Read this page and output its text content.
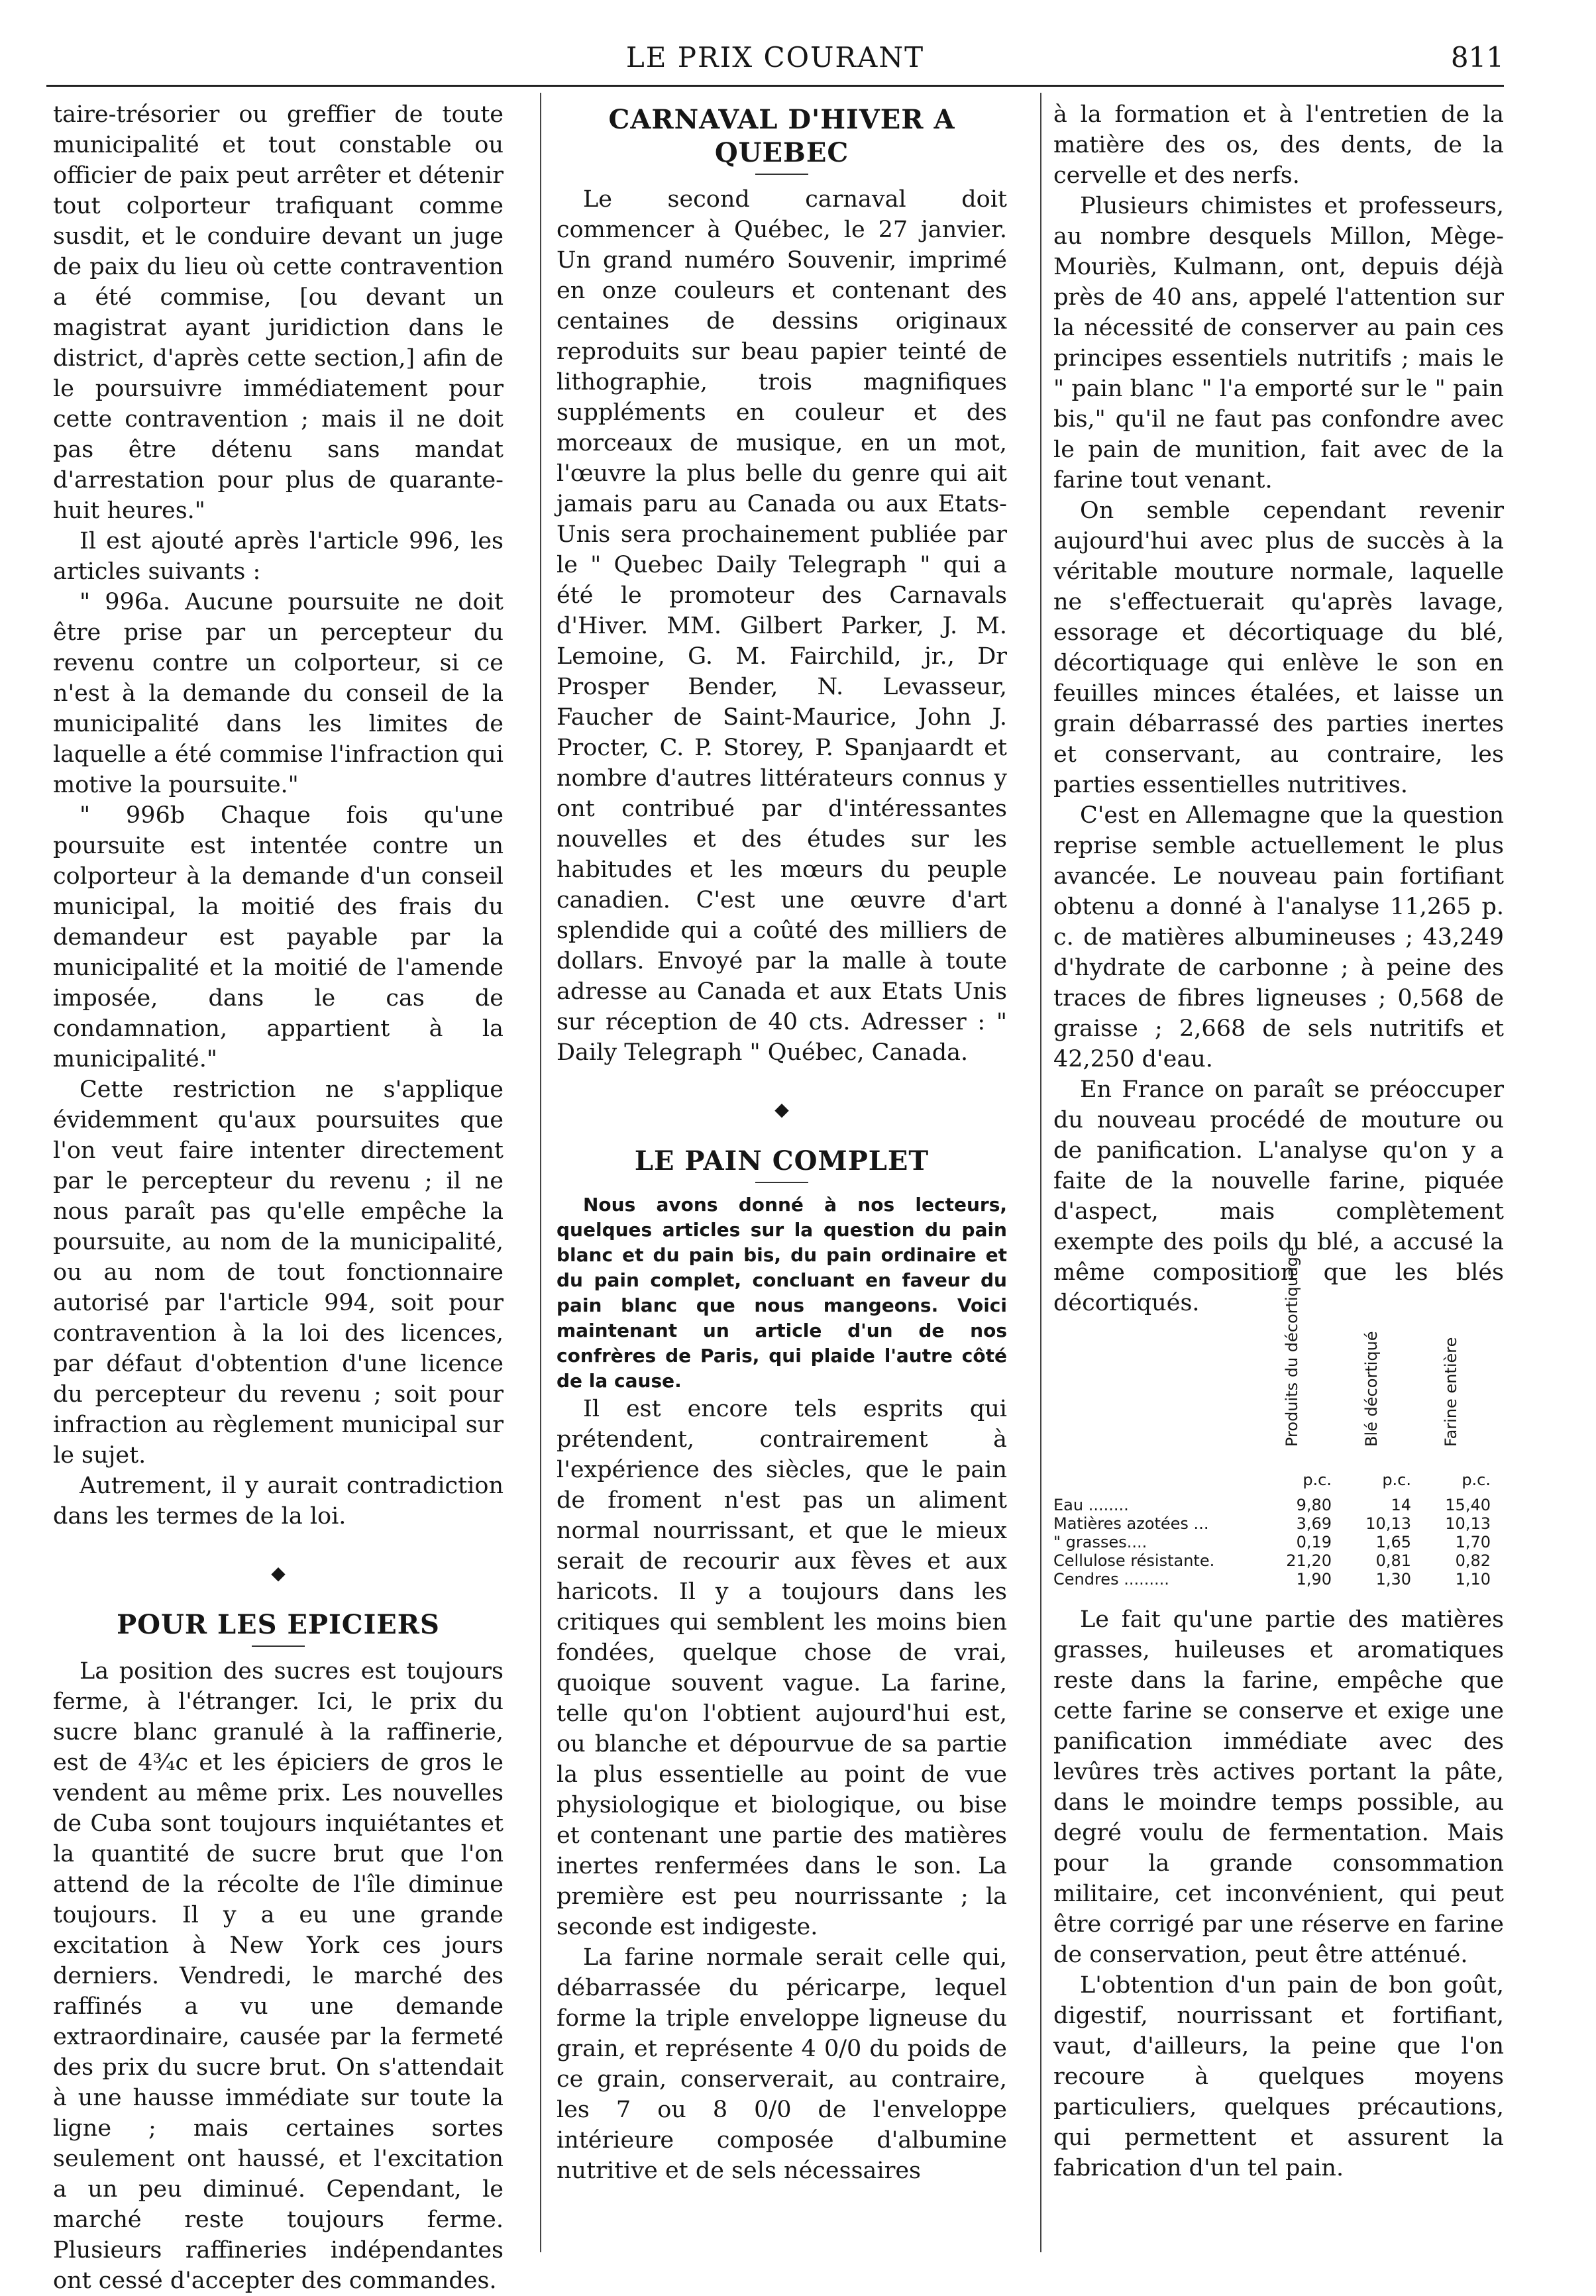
LE PRIX COURANT	811

taire-trésorier ou greffier de toute municipalité et tout constable ou officier de paix peut arrêter et détenir tout colporteur trafiquant comme susdit, et le conduire devant un juge de paix du lieu où cette contravention a été commise, [ou devant un magistrat ayant juridiction dans le district, d'après cette section,] afin de le poursuivre immédiatement pour cette contravention ; mais il ne doit pas être détenu sans mandat d'arrestation pour plus de quarante-huit heures."

Il est ajouté après l'article 996, les articles suivants :

" 996a. Aucune poursuite ne doit être prise par un percepteur du revenu contre un colporteur, si ce n'est à la demande du conseil de la municipalité dans les limites de laquelle a été commise l'infraction qui motive la poursuite."

" 996b Chaque fois qu'une poursuite est intentée contre un colporteur à la demande d'un conseil municipal, la moitié des frais du demandeur est payable par la municipalité et la moitié de l'amende imposée, dans le cas de condamnation, appartient à la municipalité."

Cette restriction ne s'applique évidemment qu'aux poursuites que l'on veut faire intenter directement par le percepteur du revenu ; il ne nous paraît pas qu'elle empêche la poursuite, au nom de la municipalité, ou au nom de tout fonctionnaire autorisé par l'article 994, soit pour contravention à la loi des licences, par défaut d'obtention d'une licence du percepteur du revenu ; soit pour infraction au règlement municipal sur le sujet.

Autrement, il y aurait contradiction dans les termes de la loi.

◆
POUR LES EPICIERS

La position des sucres est toujours ferme, à l'étranger. Ici, le prix du sucre blanc granulé à la raffinerie, est de 4¾c et les épiciers de gros le vendent au même prix. Les nouvelles de Cuba sont toujours inquiétantes et la quantité de sucre brut que l'on attend de la récolte de l'île diminue toujours. Il y a eu une grande excitation à New York ces jours derniers. Vendredi, le marché des raffinés a vu une demande extraordinaire, causée par la fermeté des prix du sucre brut. On s'attendait à une hausse immédiate sur toute la ligne ; mais certaines sortes seulement ont haussé, et l'excitation a un peu diminué. Cependant, le marché reste toujours ferme. Plusieurs raffineries indépendantes ont cessé d'accepter des commandes.

CARNAVAL D'HIVER A QUEBEC

Le second carnaval doit commencer à Québec, le 27 janvier. Un grand numéro Souvenir, imprimé en onze couleurs et contenant des centaines de dessins originaux reproduits sur beau papier teinté de lithographie, trois magnifiques suppléments en couleur et des morceaux de musique, en un mot, l'œuvre la plus belle du genre qui ait jamais paru au Canada ou aux Etats-Unis sera prochainement publiée par le " Quebec Daily Telegraph " qui a été le promoteur des Carnavals d'Hiver. MM. Gilbert Parker, J. M. Lemoine, G. M. Fairchild, jr., Dr Prosper Bender, N. Levasseur, Faucher de Saint-Maurice, John J. Procter, C. P. Storey, P. Spanjaardt et nombre d'autres littérateurs connus y ont contribué par d'intéressantes nouvelles et des études sur les habitudes et les mœurs du peuple canadien. C'est une œuvre d'art splendide qui a coûté des milliers de dollars. Envoyé par la malle à toute adresse au Canada et aux Etats Unis sur réception de 40 cts. Adresser : " Daily Telegraph " Québec, Canada.

◆
LE PAIN COMPLET

Nous avons donné à nos lecteurs, quelques articles sur la question du pain blanc et du pain bis, du pain ordinaire et du pain complet, concluant en faveur du pain blanc que nous mangeons. Voici maintenant un article d'un de nos confrères de Paris, qui plaide l'autre côté de la cause.

Il est encore tels esprits qui prétendent, contrairement à l'expérience des siècles, que le pain de froment n'est pas un aliment normal nourrissant, et que le mieux serait de recourir aux fèves et aux haricots. Il y a toujours dans les critiques qui semblent les moins bien fondées, quelque chose de vrai, quoique souvent vague. La farine, telle qu'on l'obtient aujourd'hui est, ou blanche et dépourvue de sa partie la plus essentielle au point de vue physiologique et biologique, ou bise et contenant une partie des matières inertes renfermées dans le son. La première est peu nourrissante ; la seconde est indigeste.

La farine normale serait celle qui, débarrassée du péricarpe, lequel forme la triple enveloppe ligneuse du grain, et représente 4 0/0 du poids de ce grain, conserverait, au contraire, les 7 ou 8 0/0 de l'enveloppe intérieure composée d'albumine nutritive et de sels nécessaires

à la formation et à l'entretien de la matière des os, des dents, de la cervelle et des nerfs.

Plusieurs chimistes et professeurs, au nombre desquels Millon, Mège-Mouriès, Kulmann, ont, depuis déjà près de 40 ans, appelé l'attention sur la nécessité de conserver au pain ces principes essentiels nutritifs ; mais le " pain blanc " l'a emporté sur le " pain bis," qu'il ne faut pas confondre avec le pain de munition, fait avec de la farine tout venant.

On semble cependant revenir aujourd'hui avec plus de succès à la véritable mouture normale, laquelle ne s'effectuerait qu'après lavage, essorage et décortiquage du blé, décortiquage qui enlève le son en feuilles minces étalées, et laisse un grain débarrassé des parties inertes et conservant, au contraire, les parties essentielles nutritives.

C'est en Allemagne que la question reprise semble actuellement le plus avancée. Le nouveau pain fortifiant obtenu a donné à l'analyse 11,265 p. c. de matières albumineuses ; 43,249 d'hydrate de carbonne ; à peine des traces de fibres ligneuses ; 0,568 de graisse ; 2,668 de sels nutritifs et 42,250 d'eau.

En France on paraît se préoccuper du nouveau procédé de mouture ou de panification. L'analyse qu'on y a faite de la nouvelle farine, piquée d'aspect, mais complètement exempte des poils du blé, a accusé la même composition que les blés décortiqués.	Produits du décortiquage	Blé décortiqué	Farine entière
p.c.	p.c.	p.c.
Eau ........	9,80	14	15,40
Matières azotées ...	3,69	10,13	10,13
" grasses....	0,19	1,65	1,70
Cellulose résistante.	21,20	0,81	0,82
Cendres .........	1,90	1,30	1,10

Le fait qu'une partie des matières grasses, huileuses et aromatiques reste dans la farine, empêche que cette farine se conserve et exige une panification immédiate avec des levûres très actives portant la pâte, dans le moindre temps possible, au degré voulu de fermentation. Mais pour la grande consommation militaire, cet inconvénient, qui peut être corrigé par une réserve en farine de conservation, peut être atténué.

L'obtention d'un pain de bon goût, digestif, nourrissant et fortifiant, vaut, d'ailleurs, la peine que l'on recoure à quelques moyens particuliers, quelques précautions, qui permettent et assurent la fabrication d'un tel pain.
